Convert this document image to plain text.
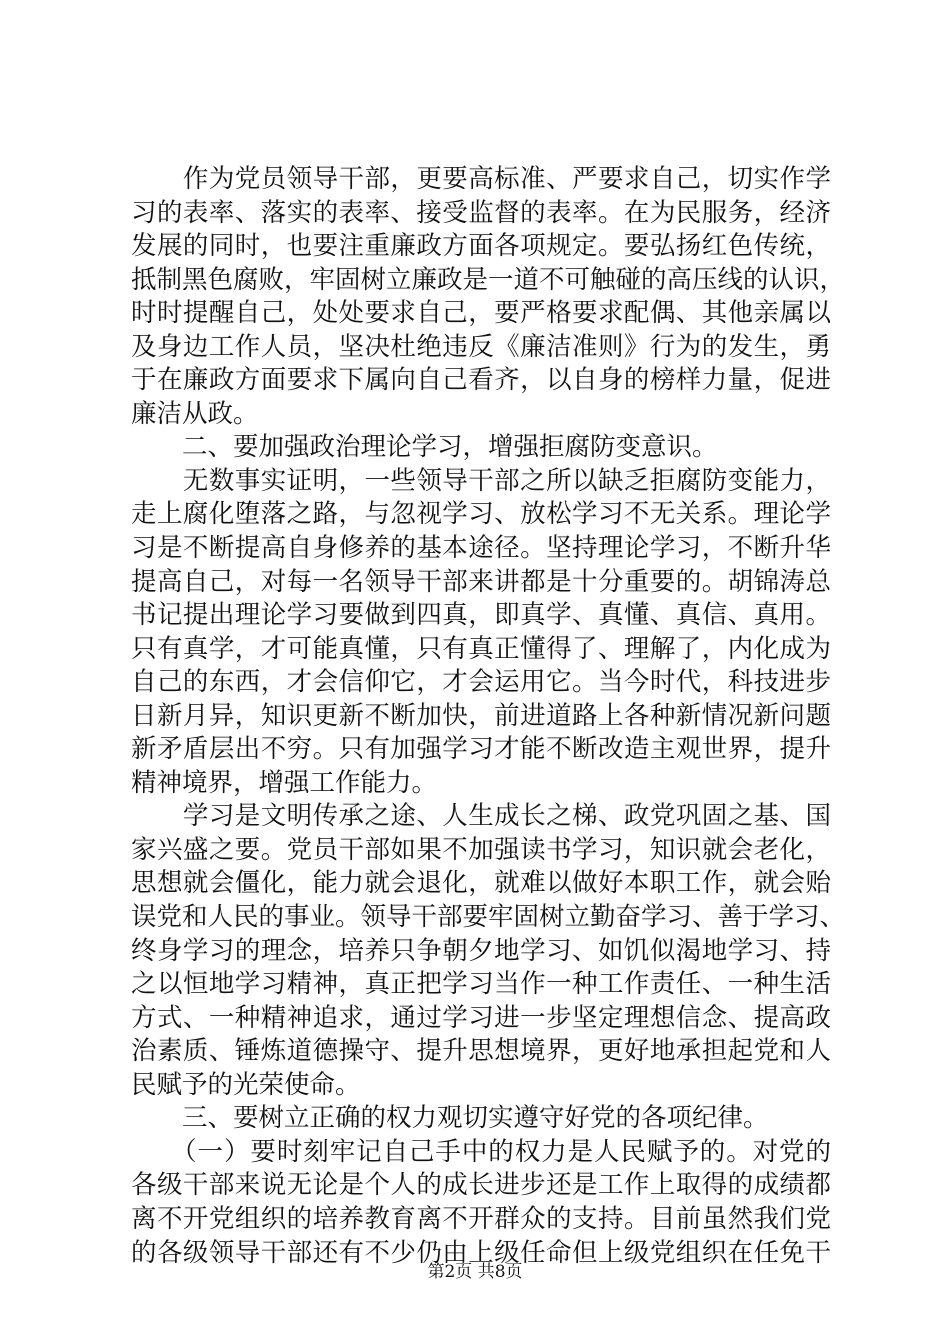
　　作为党员领导干部，更要高标准、严要求自己，切实作学
习的表率、落实的表率、接受监督的表率。在为民服务，经济
发展的同时，也要注重廉政方面各项规定。要弘扬红色传统，
抵制黑色腐败，牢固树立廉政是一道不可触碰的高压线的认识，
时时提醒自己，处处要求自己，要严格要求配偶、其他亲属以
及身边工作人员，坚决杜绝违反《廉洁准则》行为的发生，勇
于在廉政方面要求下属向自己看齐，以自身的榜样力量，促进
廉洁从政。
　　二、要加强政治理论学习，增强拒腐防变意识。
　　无数事实证明，一些领导干部之所以缺乏拒腐防变能力，
走上腐化堕落之路，与忽视学习、放松学习不无关系。理论学
习是不断提高自身修养的基本途径。坚持理论学习，不断升华
提高自己，对每一名领导干部来讲都是十分重要的。胡锦涛总
书记提出理论学习要做到四真，即真学、真懂、真信、真用。
只有真学，才可能真懂，只有真正懂得了、理解了，内化成为
自己的东西，才会信仰它，才会运用它。当今时代，科技进步
日新月异，知识更新不断加快，前进道路上各种新情况新问题
新矛盾层出不穷。只有加强学习才能不断改造主观世界，提升
精神境界，增强工作能力。
　　学习是文明传承之途、人生成长之梯、政党巩固之基、国
家兴盛之要。党员干部如果不加强读书学习，知识就会老化，
思想就会僵化，能力就会退化，就难以做好本职工作，就会贻
误党和人民的事业。领导干部要牢固树立勤奋学习、善于学习、
终身学习的理念，培养只争朝夕地学习、如饥似渴地学习、持
之以恒地学习精神，真正把学习当作一种工作责任、一种生活
方式、一种精神追求，通过学习进一步坚定理想信念、提高政
治素质、锤炼道德操守、提升思想境界，更好地承担起党和人
民赋予的光荣使命。
　　三、要树立正确的权力观切实遵守好党的各项纪律。
　　（一）要时刻牢记自己手中的权力是人民赋予的。对党的
各级干部来说无论是个人的成长进步还是工作上取得的成绩都
离不开党组织的培养教育离不开群众的支持。目前虽然我们党
的各级领导干部还有不少仍由上级任命但上级党组织在任免干
第2页 共8页
